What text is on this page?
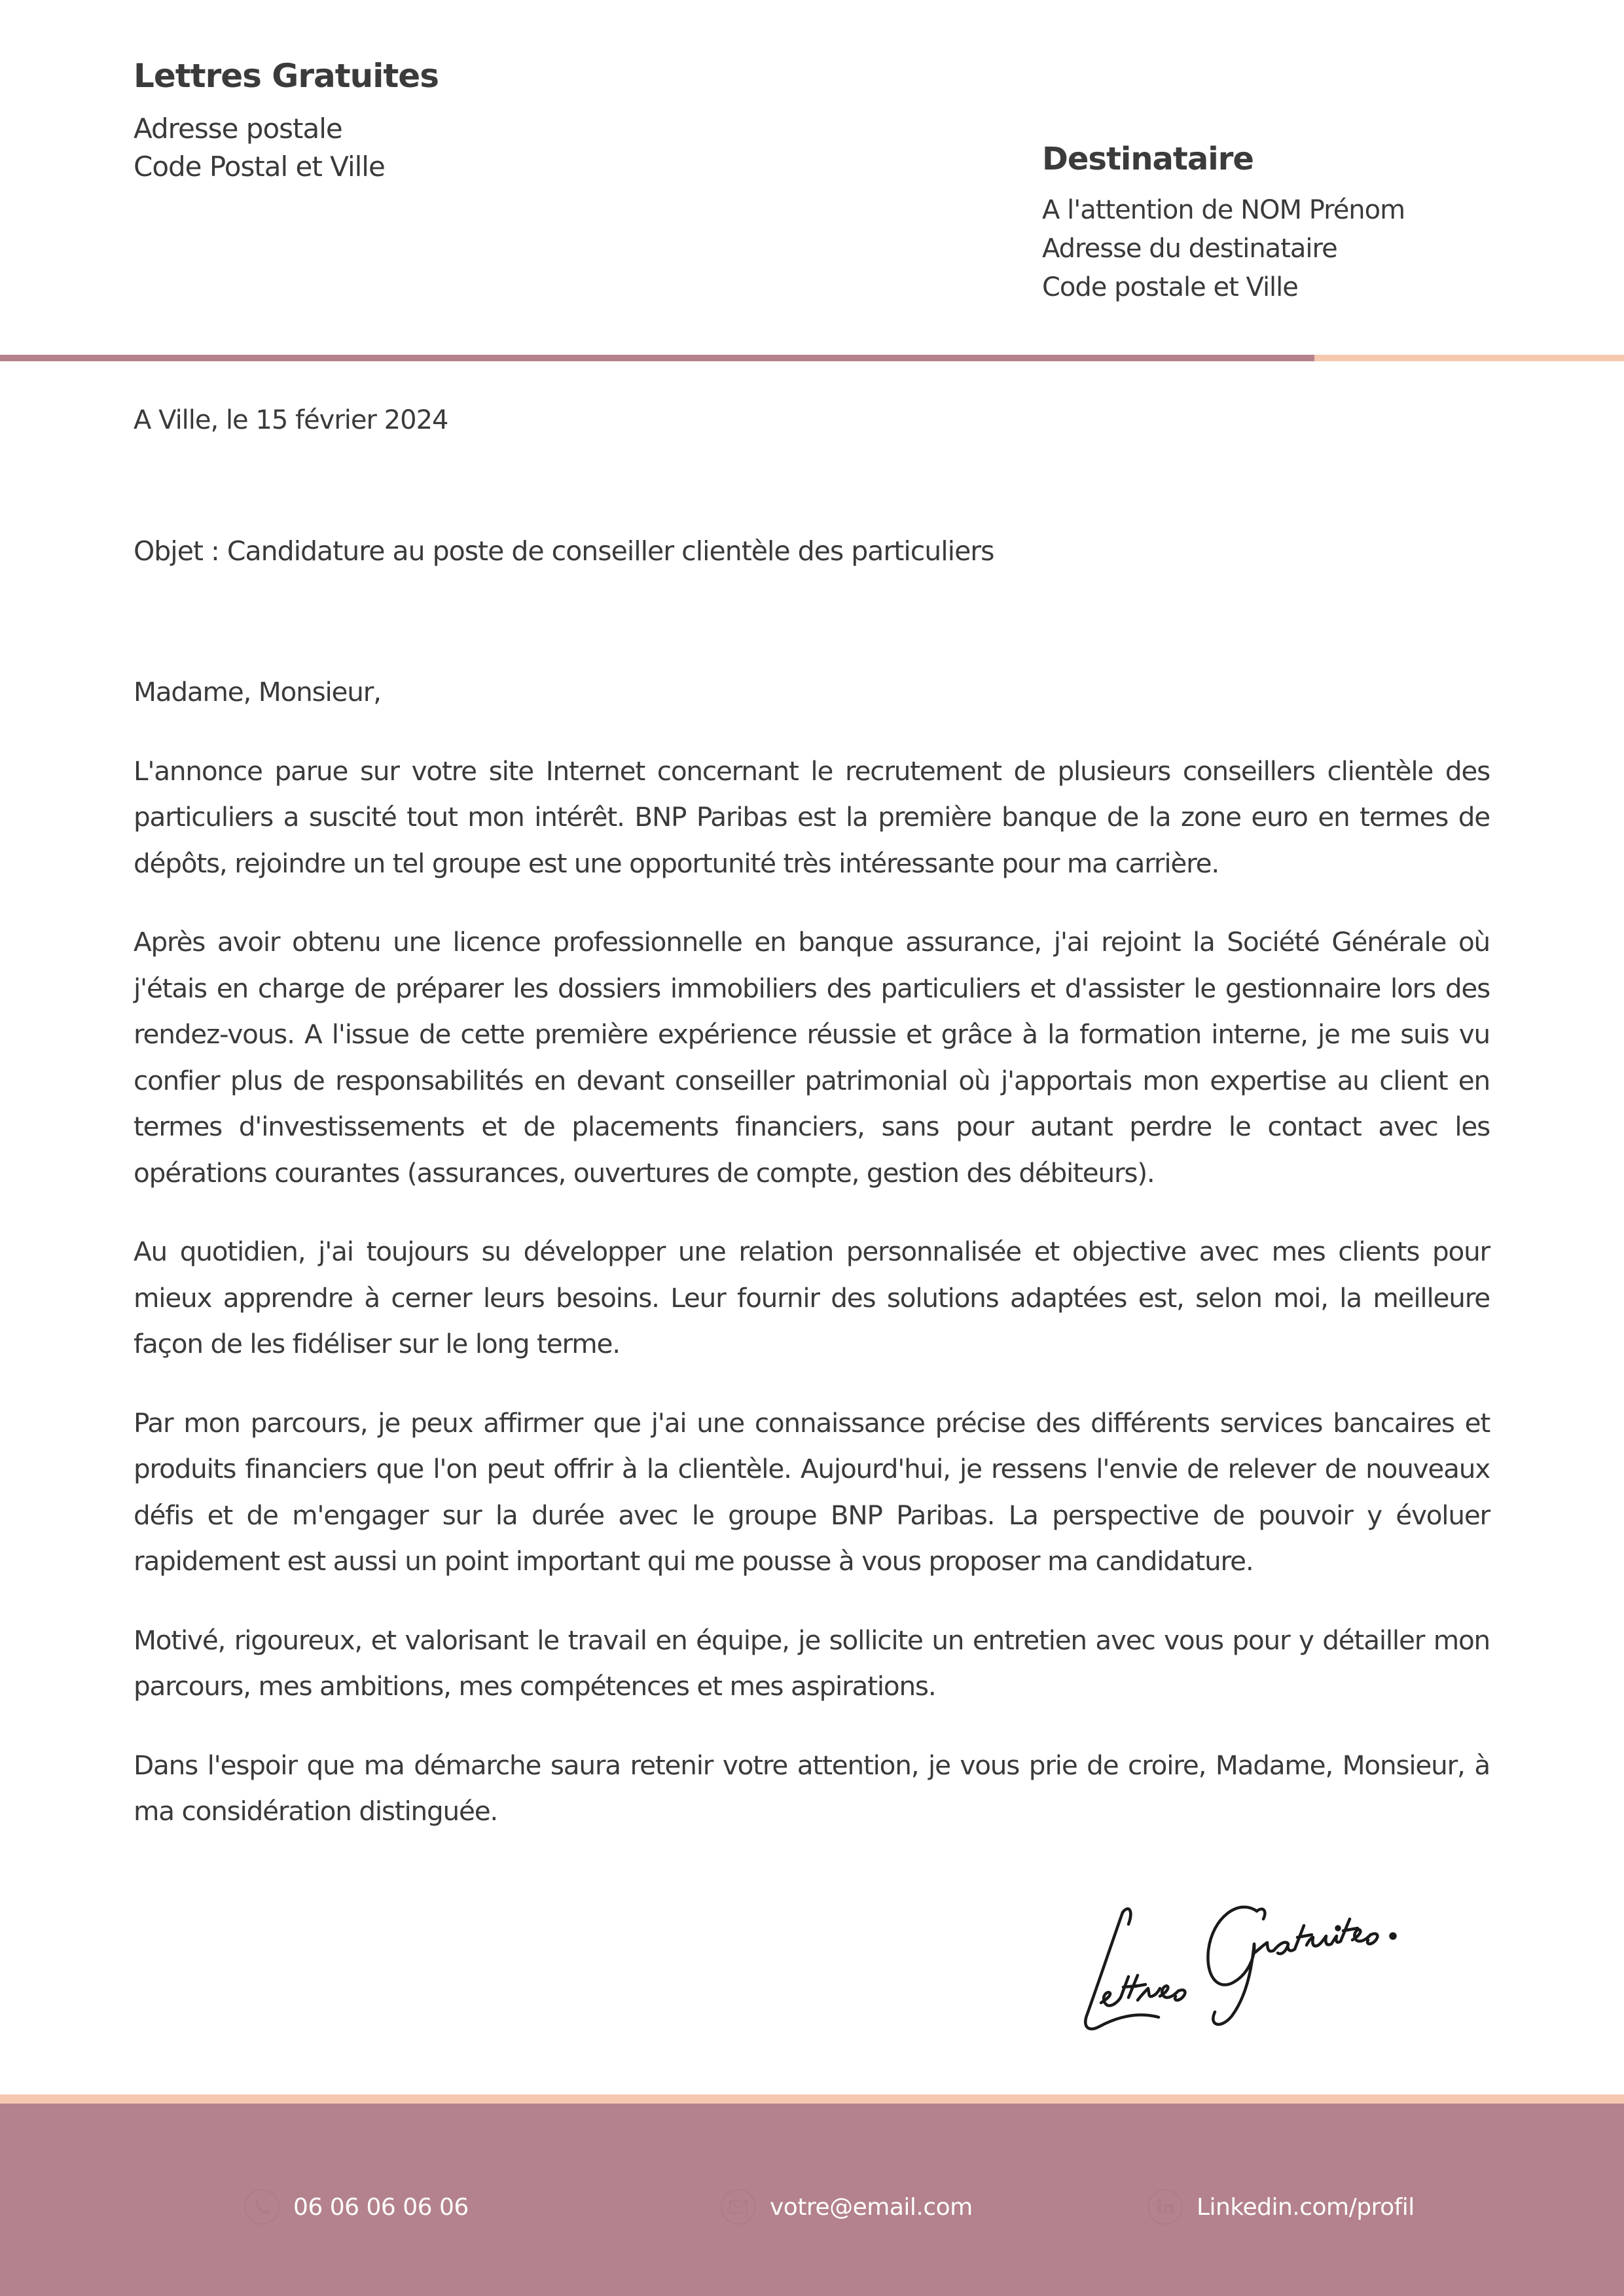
Lettres Gratuites

Adresse postale

Code Postal et Ville	Destinataire

A l'attention de NOM Prénom

Adresse du destinataire

Code postale et Ville

A Ville, le 15 février 2024

Objet : Candidature au poste de conseiller clientèle des particuliers

Madame, Monsieur,

L'annonce parue sur votre site Internet concernant le recrutement de plusieurs conseillers clientèle des particuliers a suscité tout mon intérêt. BNP Paribas est la première banque de la zone euro en termes de dépôts, rejoindre un tel groupe est une opportunité très intéressante pour ma carrière.

Après avoir obtenu une licence professionnelle en banque assurance, j'ai rejoint la Société Générale où j'étais en charge de préparer les dossiers immobiliers des particuliers et d'assister le gestionnaire lors des rendez-vous. A l'issue de cette première expérience réussie et grâce à la formation interne, je me suis vu confier plus de responsabilités en devant conseiller patrimonial où j'apportais mon expertise au client en termes d'investissements et de placements financiers, sans pour autant perdre le contact avec les opérations courantes (assurances, ouvertures de compte, gestion des débiteurs).

Au quotidien, j'ai toujours su développer une relation personnalisée et objective avec mes clients pour mieux apprendre à cerner leurs besoins. Leur fournir des solutions adaptées est, selon moi, la meilleure façon de les fidéliser sur le long terme.

Par mon parcours, je peux affirmer que j'ai une connaissance précise des différents services bancaires et produits financiers que l'on peut offrir à la clientèle. Aujourd'hui, je ressens l'envie de relever de nouveaux défis et de m'engager sur la durée avec le groupe BNP Paribas. La perspective de pouvoir y évoluer rapidement est aussi un point important qui me pousse à vous proposer ma candidature.

Motivé, rigoureux, et valorisant le travail en équipe, je sollicite un entretien avec vous pour y détailler mon parcours, mes ambitions, mes compétences et mes aspirations.

Dans l'espoir que ma démarche saura retenir votre attention, je vous prie de croire, Madame, Monsieur, à ma considération distinguée.

06 06 06 06 06	votre@email.com	Linkedin.com/profil
